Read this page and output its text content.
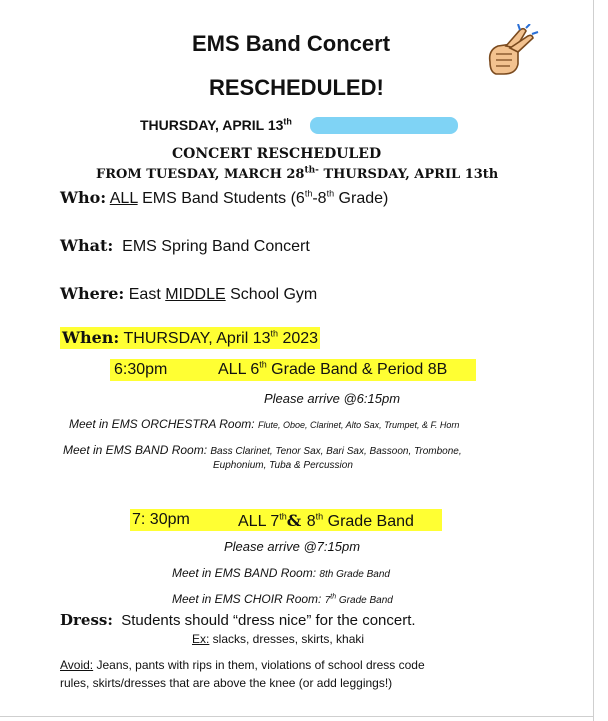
EMS Band Concert
RESCHEDULED!
THURSDAY, APRIL 13th
CONCERT RESCHEDULED
FROM TUESDAY, MARCH $28^{th-}$ THURSDAY, APRIL 13th
Who: ALL EMS Band Students (6th-8th Grade)
What: EMS Spring Band Concert
Where: East MIDDLE School Gym
When: THURSDAY, April 13th 2023
6:30pm	ALL 6th Grade Band & Period 8B
Please arrive @6:15pm
Meet in EMS ORCHESTRA Room: Flute, Oboe, Clarinet, Alto Sax, Trumpet, & F. Horn
Meet in EMS BAND Room: Bass Clarinet, Tenor Sax, Bari Sax, Bassoon, Trombone,
Euphonium, Tuba & Percussion
7: 30pm	ALL 7th& 8th Grade Band
Please arrive @7:15pm
Meet in EMS BAND Room: 8th Grade Band
Meet in EMS CHOIR Room: 7th Grade Band
Dress: Students should “dress nice” for the concert.
Ex: slacks, dresses, skirts, khaki
Avoid: Jeans, pants with rips in them, violations of school dress code
rules, skirts/dresses that are above the knee (or add leggings!)
